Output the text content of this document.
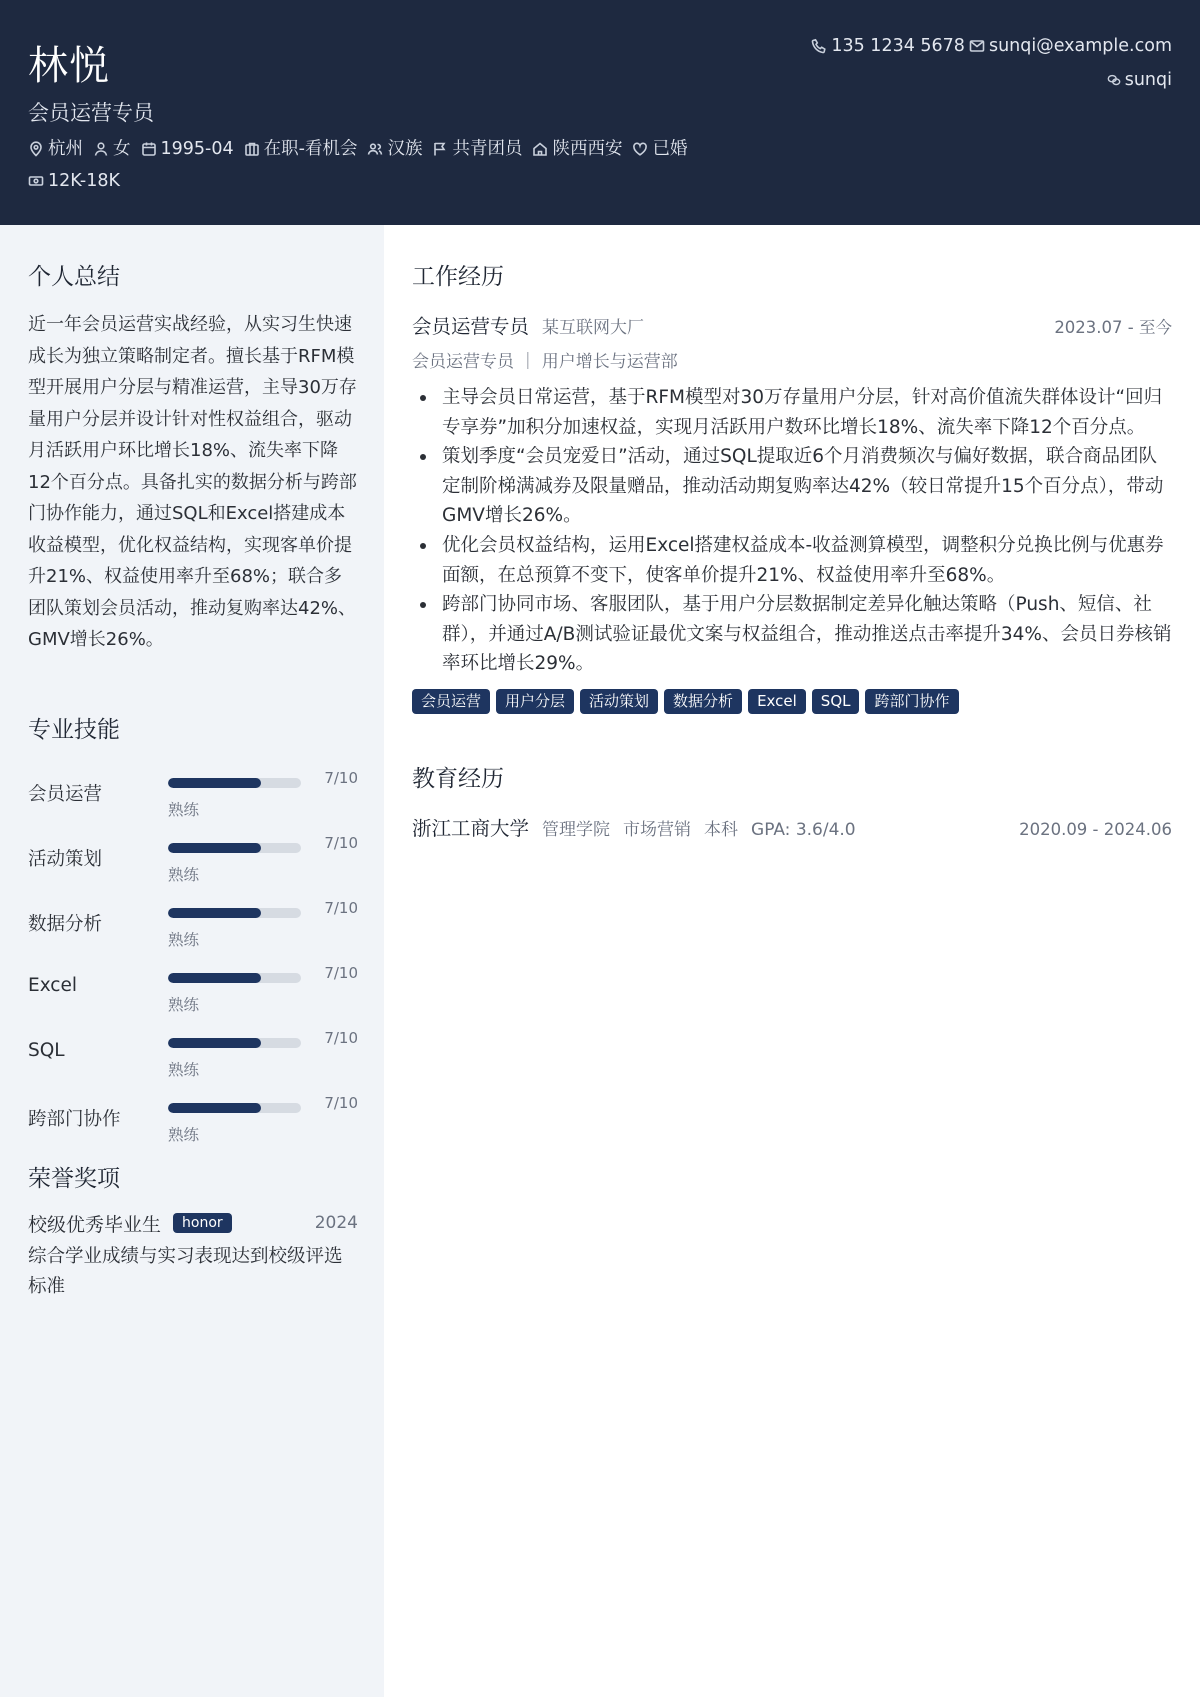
林悦
会员运营专员
杭州 女 1995-04 在职-看机会 汉族 共青团员 陕西西安 已婚
12K-18K
135 1234 5678 sunqi@example.com
sunqi
个人总结
近一年会员运营实战经验，从实习生快速成长为独立策略制定者。擅长基于RFM模型开展用户分层与精准运营，主导30万存量用户分层并设计针对性权益组合，驱动月活跃用户环比增长18%、流失率下降12个百分点。具备扎实的数据分析与跨部门协作能力，通过SQL和Excel搭建成本收益模型，优化权益结构，实现客单价提升21%、权益使用率升至68%；联合多团队策划会员活动，推动复购率达42%、GMV增长26%。
专业技能
会员运营
7/10
熟练
活动策划
7/10
熟练
数据分析
7/10
熟练
Excel
7/10
熟练
SQL
7/10
熟练
跨部门协作
7/10
熟练
荣誉奖项
校级优秀毕业生	honor	2024
综合学业成绩与实习表现达到校级评选标准
工作经历
会员运营专员 某互联网大厂	2023.07 - 至今
会员运营专员 ｜ 用户增长与运营部
主导会员日常运营，基于RFM模型对30万存量用户分层，针对高价值流失群体设计“回归专享券”加积分加速权益，实现月活跃用户数环比增长18%、流失率下降12个百分点。
策划季度“会员宠爱日”活动，通过SQL提取近6个月消费频次与偏好数据，联合商品团队定制阶梯满减券及限量赠品，推动活动期复购率达42%（较日常提升15个百分点），带动GMV增长26%。
优化会员权益结构，运用Excel搭建权益成本-收益测算模型，调整积分兑换比例与优惠券面额，在总预算不变下，使客单价提升21%、权益使用率升至68%。
跨部门协同市场、客服团队，基于用户分层数据制定差异化触达策略（Push、短信、社群），并通过A/B测试验证最优文案与权益组合，推动推送点击率提升34%、会员日券核销率环比增长29%。
会员运营	用户分层	活动策划	数据分析	Excel	SQL	跨部门协作
教育经历
浙江工商大学 管理学院 市场营销 本科 GPA: 3.6/4.0	2020.09 - 2024.06
